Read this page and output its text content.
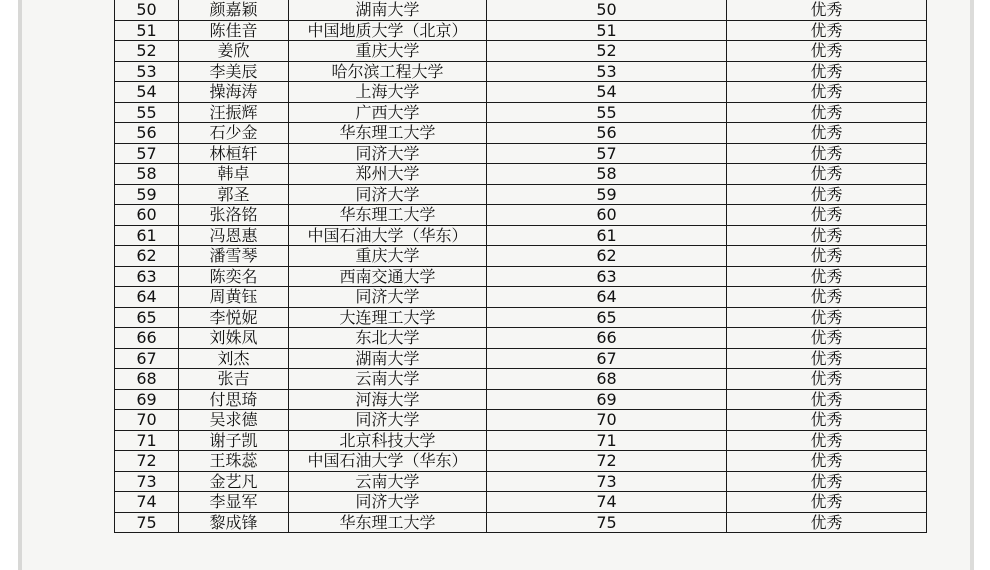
50	颜嘉颖	湖南大学	50	优秀
51	陈佳音	中国地质大学（北京）	51	优秀
52	姜欣	重庆大学	52	优秀
53	李美辰	哈尔滨工程大学	53	优秀
54	操海涛	上海大学	54	优秀
55	汪振辉	广西大学	55	优秀
56	石少金	华东理工大学	56	优秀
57	林桓轩	同济大学	57	优秀
58	韩卓	郑州大学	58	优秀
59	郭圣	同济大学	59	优秀
60	张洛铭	华东理工大学	60	优秀
61	冯恩惠	中国石油大学（华东）	61	优秀
62	潘雪琴	重庆大学	62	优秀
63	陈奕名	西南交通大学	63	优秀
64	周黄钰	同济大学	64	优秀
65	李悦妮	大连理工大学	65	优秀
66	刘姝凤	东北大学	66	优秀
67	刘杰	湖南大学	67	优秀
68	张吉	云南大学	68	优秀
69	付思琦	河海大学	69	优秀
70	吴求德	同济大学	70	优秀
71	谢子凯	北京科技大学	71	优秀
72	王珠蕊	中国石油大学（华东）	72	优秀
73	金艺凡	云南大学	73	优秀
74	李显军	同济大学	74	优秀
75	黎成锋	华东理工大学	75	优秀
